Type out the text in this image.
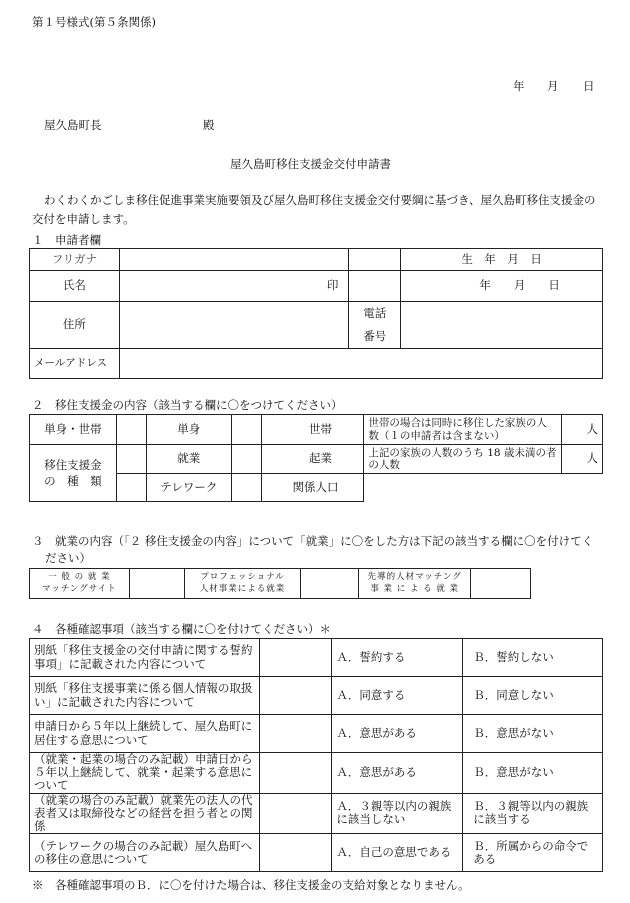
第１号様式(第５条関係)
年 月 日
屋久島町長	殿
屋久島町移住支援金交付申請書
わくわくかごしま移住促進事業実施要領及び屋久島町移住支援金交付要綱に基づき、屋久島町移住支援金の
交付を申請します。
１　申請者欄
フリガナ			生　年　月　日
氏名	印		年　　月　　日
住所		電話
番号	
メールアドレス			
２　移住支援金の内容（該当する欄に〇をつけてください）
単身・世帯		単身		世帯	世帯の場合は同時に移住した家族の人数（１の申請者は含まない）	人
移住支援金
の　種　類		就業		起業	上記の家族の人数のうち 18 歳未満の者の人数	人
		テレワーク		関係人口		
３　就業の内容（「２ 移住支援金の内容」について「就業」に〇をした方は下記の該当する欄に〇を付けてく
ださい）
一 般 の 就 業
マッチングサイト		プロフェッショナル
人材事業による就業		先導的人材マッチング
事 業 に よ る 就 業	
４　各種確認事項（該当する欄に〇を付けてください）＊
別紙「移住支援金の交付申請に関する誓約事項」に記載された内容について		Ａ．誓約する	Ｂ．誓約しない
別紙「移住支援事業に係る個人情報の取扱い」に記載された内容について		Ａ．同意する	Ｂ．同意しない
申請日から５年以上継続して、屋久島町に居住する意思について		Ａ．意思がある	Ｂ．意思がない
（就業・起業の場合のみ記載）申請日から５年以上継続して、就業・起業する意思について		Ａ．意思がある	Ｂ．意思がない
（就業の場合のみ記載）就業先の法人の代表者又は取締役などの経営を担う者との関係		Ａ．３親等以内の親族に該当しない	Ｂ．３親等以内の親族に該当する
（テレワークの場合のみ記載）屋久島町への移住の意思について		Ａ．自己の意思である	Ｂ．所属からの命令である
※　各種確認事項のＢ．に〇を付けた場合は、移住支援金の支給対象となりません。
